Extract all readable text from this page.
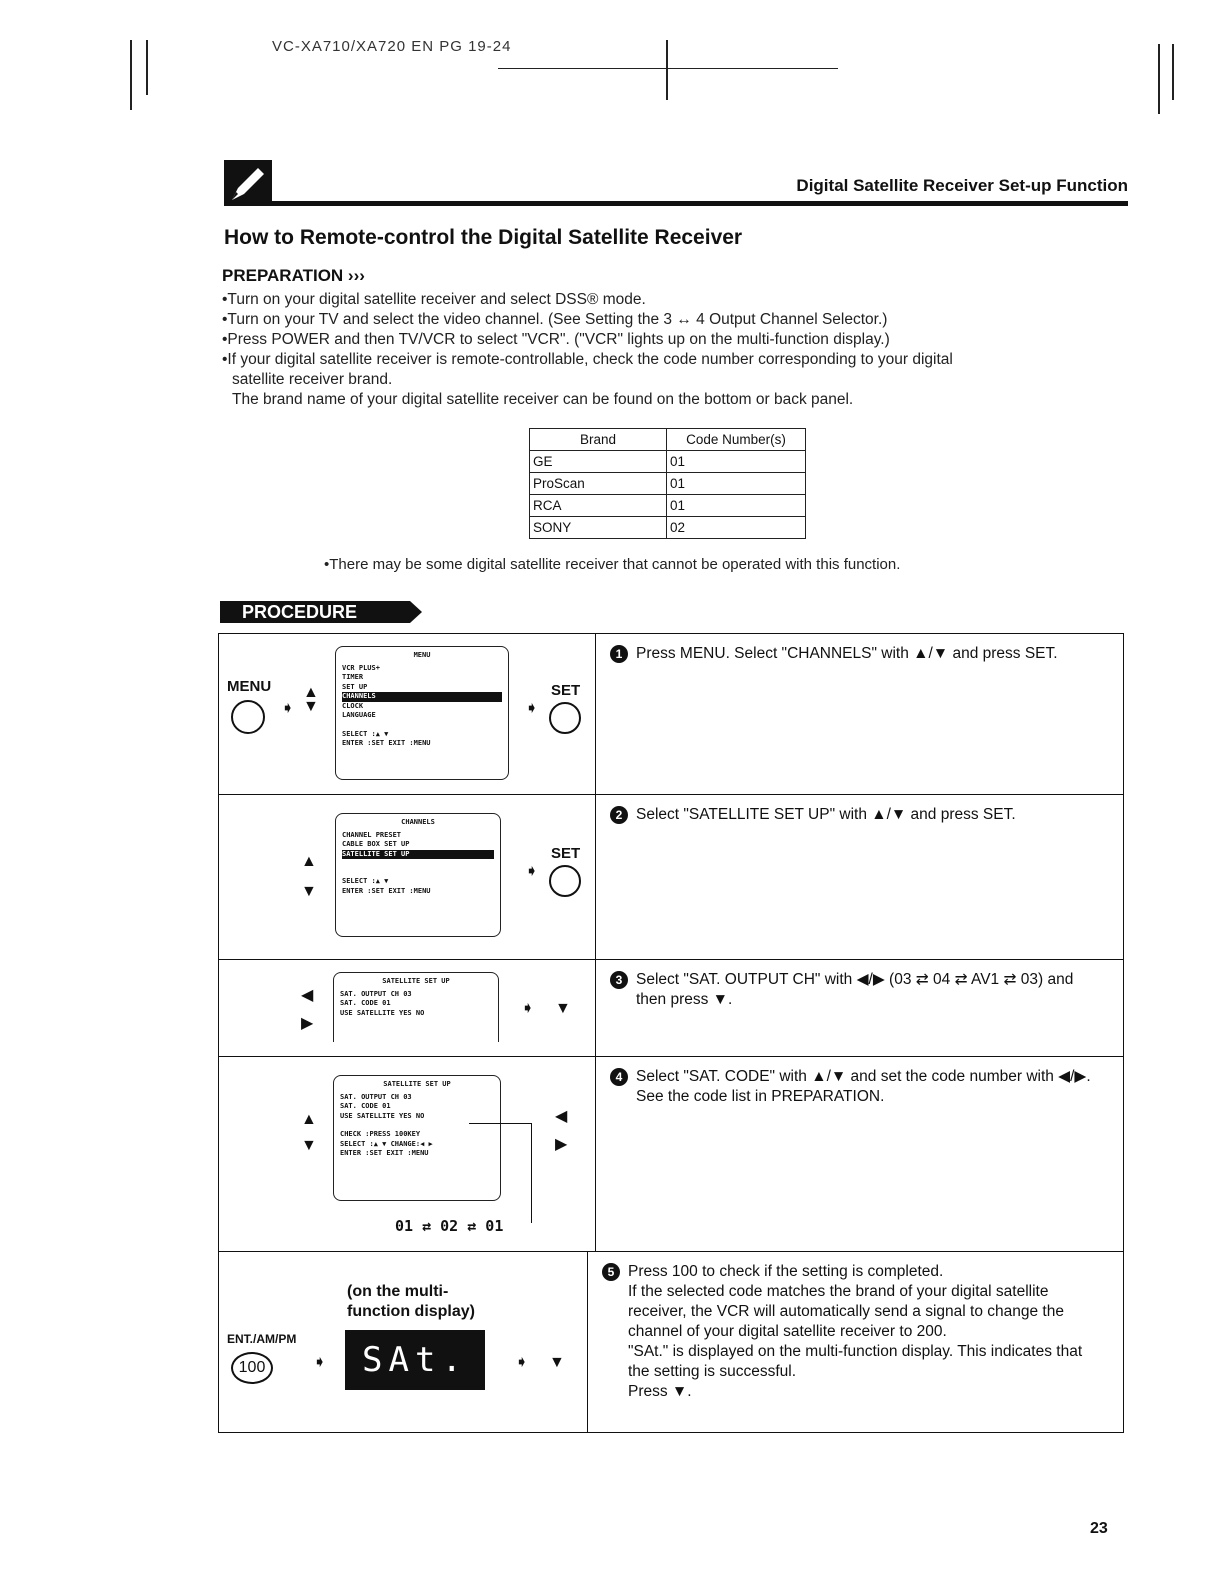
VC-XA710/XA720 EN PG 19-24
Digital Satellite Receiver Set-up Function
How to Remote-control the Digital Satellite Receiver
PREPARATION ›››
•Turn on your digital satellite receiver and select DSS® mode.
•Turn on your TV and select the video channel. (See Setting the 3 ↔ 4 Output Channel Selector.)
•Press POWER and then TV/VCR to select "VCR". ("VCR" lights up on the multi-function display.)
•If your digital satellite receiver is remote-controllable, check the code number corresponding to your digital
satellite receiver brand.
The brand name of your digital satellite receiver can be found on the bottom or back panel.
Brand	Code Number(s)
GE	01
ProScan	01
RCA	01
SONY	02
•There may be some digital satellite receiver that cannot be operated with this function.
PROCEDURE
MENU
➧
▲
▼
MENU
VCR PLUS+
TIMER
SET UP
CHANNELS
CLOCK
LANGUAGE
SELECT :▲ ▼
ENTER :SET EXIT :MENU
➧
SET
1 Press MENU. Select "CHANNELS" with ▲/▼ and press SET.
▲
▼
CHANNELS
CHANNEL PRESET
CABLE BOX SET UP
SATELLITE SET UP
SELECT :▲ ▼
ENTER :SET EXIT :MENU
➧
SET
2 Select "SATELLITE SET UP" with ▲/▼ and press SET.
◀
▶
SATELLITE SET UP
SAT. OUTPUT CH 03
SAT. CODE 01
USE SATELLITE YES NO	➧ ▼
3 Select "SAT. OUTPUT CH" with ◀/▶ (03 ⇄ 04 ⇄ AV1 ⇄ 03) and then press ▼.
▲
▼
SATELLITE SET UP
SAT. OUTPUT CH 03
SAT. CODE 01
USE SATELLITE YES NO
CHECK :PRESS 100KEY
SELECT :▲ ▼ CHANGE:◀ ▶
ENTER :SET EXIT :MENU
◀
▶
01 ⇄ 02 ⇄ 01
4 Select "SAT. CODE" with ▲/▼ and set the code number with ◀/▶.
See the code list in PREPARATION.
(on the multi-function display)
ENT./AM/PM
100	➧	SAt.	➧ ▼
5 Press 100 to check if the setting is completed.
If the selected code matches the brand of your digital satellite receiver, the VCR will automatically send a signal to change the channel of your digital satellite receiver to 200.
"SAt." is displayed on the multi-function display. This indicates that the setting is successful.
Press ▼.
23
